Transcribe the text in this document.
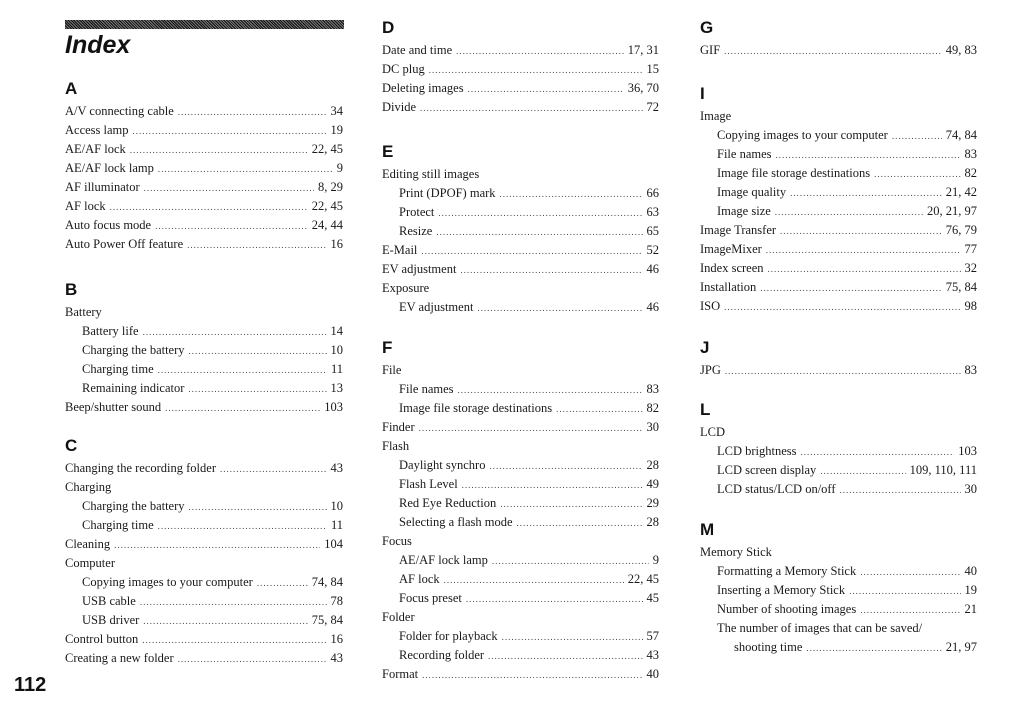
Index
112
A
A/V connecting cable .....	34
Access lamp .....	19
AE/AF lock .....	22, 45
AE/AF lock lamp .....	9
AF illuminator .....	8, 29
AF lock .....	22, 45
Auto focus mode .....	24, 44
Auto Power Off feature .....	16
B
Battery
Battery life .....	14
Charging the battery .....	10
Charging time .....	11
Remaining indicator .....	13
Beep/shutter sound .....	103
C
Changing the recording folder .....	43
Charging
Charging the battery .....	10
Charging time .....	11
Cleaning .....	104
Computer
Copying images to your computer .....	74, 84
USB cable .....	78
USB driver .....	75, 84
Control button .....	16
Creating a new folder .....	43
D
Date and time .....	17, 31
DC plug .....	15
Deleting images .....	36, 70
Divide .....	72
E
Editing still images
Print (DPOF) mark .....	66
Protect .....	63
Resize .....	65
E-Mail .....	52
EV adjustment .....	46
Exposure
EV adjustment .....	46
F
File
File names .....	83
Image file storage destinations .....	82
Finder .....	30
Flash
Daylight synchro .....	28
Flash Level .....	49
Red Eye Reduction .....	29
Selecting a flash mode .....	28
Focus
AE/AF lock lamp .....	9
AF lock .....	22, 45
Focus preset .....	45
Folder
Folder for playback .....	57
Recording folder .....	43
Format .....	40
G
GIF .....	49, 83
I
Image
Copying images to your computer .....	74, 84
File names .....	83
Image file storage destinations .....	82
Image quality .....	21, 42
Image size .....	20, 21, 97
Image Transfer .....	76, 79
ImageMixer .....	77
Index screen .....	32
Installation .....	75, 84
ISO .....	98
J
JPG .....	83
L
LCD
LCD brightness .....	103
LCD screen display .....	109, 110, 111
LCD status/LCD on/off .....	30
M
Memory Stick
Formatting a Memory Stick .....	40
Inserting a Memory Stick .....	19
Number of shooting images .....	21
The number of images that can be saved/
shooting time .....	21, 97
